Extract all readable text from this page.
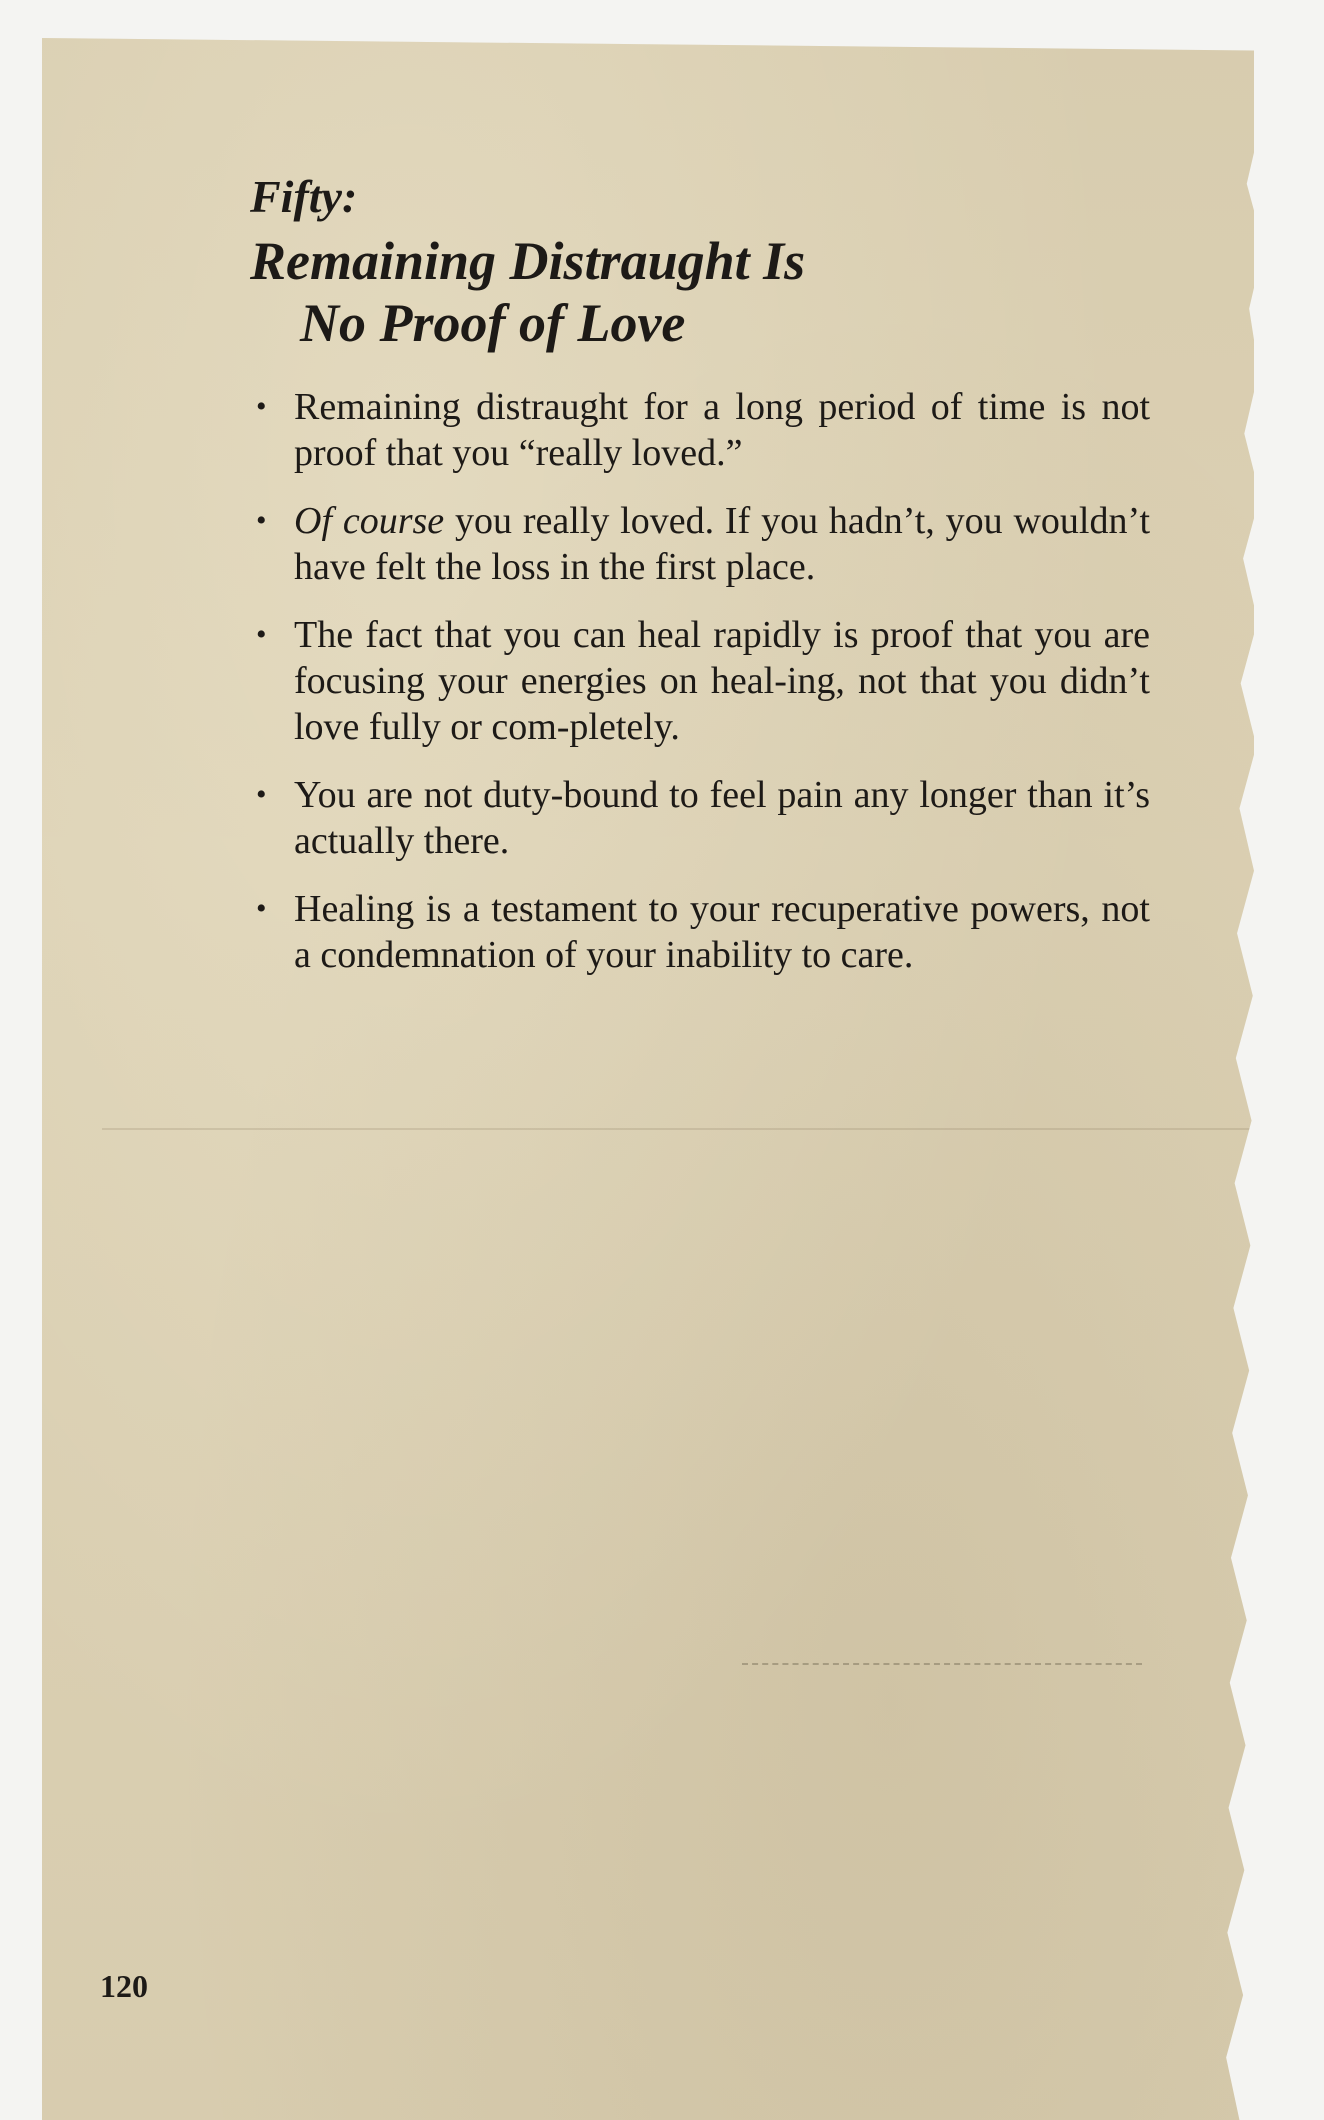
Fifty:

Remaining Distraught Is
No Proof of Love
• Remaining distraught for a long period of time is not proof that you “really loved.”
• Of course you really loved. If you hadn’t, you wouldn’t have felt the loss in the first place.
• The fact that you can heal rapidly is proof that you are focusing your energies on heal-ing, not that you didn’t love fully or com-pletely.
• You are not duty-bound to feel pain any longer than it’s actually there.
• Healing is a testament to your recuperative powers, not a condemnation of your inability to care.
120
